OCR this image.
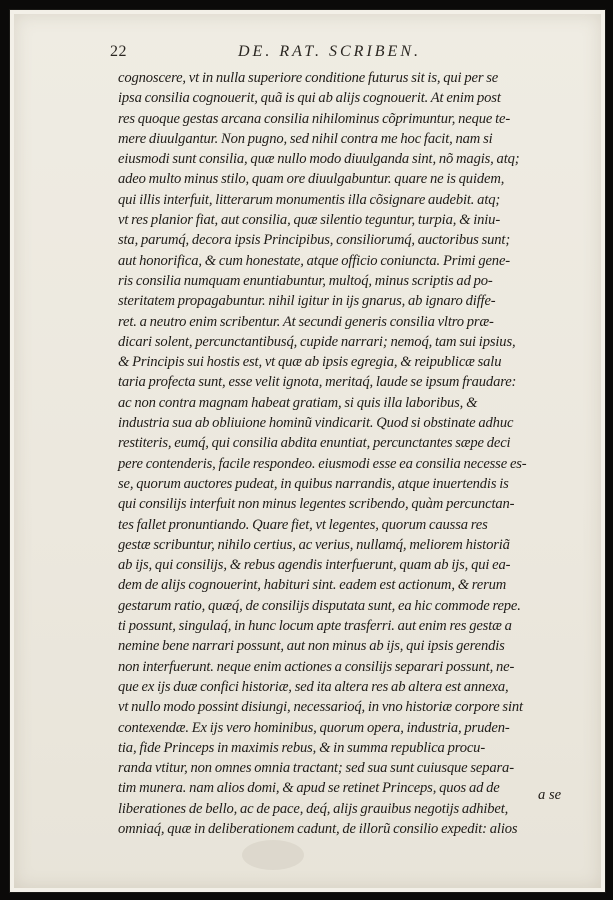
22	DE. RAT. SCRIBEN.
cognoscere, vt in nulla superiore conditione futurus sit is, qui per se
ipsa consilia cognouerit, quã is qui ab alijs cognouerit. At enim post
res quoque gestas arcana consilia nihilominus cõprimuntur, neque te-
mere diuulgantur. Non pugno, sed nihil contra me hoc facit, nam si
eiusmodi sunt consilia, quæ nullo modo diuulganda sint, nõ magis, atq;
adeo multo minus stilo, quam ore diuulgabuntur. quare ne is quidem,
qui illis interfuit, litterarum monumentis illa cõsignare audebit. atq;
vt res planior fiat, aut consilia, quæ silentio teguntur, turpia, & iniu-
sta, parumq́, decora ipsis Principibus, consiliorumq́, auctoribus sunt;
aut honorifica, & cum honestate, atque officio coniuncta. Primi gene-
ris consilia numquam enuntiabuntur, multoq́, minus scriptis ad po-
steritatem propagabuntur. nihil igitur in ijs gnarus, ab ignaro diffe-
ret. a neutro enim scribentur. At secundi generis consilia vltro præ-
dicari solent, percunctantibusq́, cupide narrari; nemoq́, tam sui ipsius,
& Principis sui hostis est, vt quæ ab ipsis egregia, & reipublicæ salu
taria profecta sunt, esse velit ignota, meritaq́, laude se ipsum fraudare:
ac non contra magnam habeat gratiam, si quis illa laboribus, &
industria sua ab obliuione hominũ vindicarit. Quod si obstinate adhuc
restiteris, eumq́, qui consilia abdita enuntiat, percunctantes sæpe deci
pere contenderis, facile respondeo. eiusmodi esse ea consilia necesse es-
se, quorum auctores pudeat, in quibus narrandis, atque inuertendis is
qui consilijs interfuit non minus legentes scribendo, quàm percunctan-
tes fallet pronuntiando. Quare fiet, vt legentes, quorum caussa res
gestæ scribuntur, nihilo certius, ac verius, nullamq́, meliorem historiã
ab ijs, qui consilijs, & rebus agendis interfuerunt, quam ab ijs, qui ea-
dem de alijs cognouerint, habituri sint. eadem est actionum, & rerum
gestarum ratio, quæq́, de consilijs disputata sunt, ea hic commode repe.
ti possunt, singulaq́, in hunc locum apte trasferri. aut enim res gestæ a
nemine bene narrari possunt, aut non minus ab ijs, qui ipsis gerendis
non interfuerunt. neque enim actiones a consilijs separari possunt, ne-
que ex ijs duæ confici historiæ, sed ita altera res ab altera est annexa,
vt nullo modo possint disiungi, necessarioq́, in vno historiæ corpore sint
contexendæ. Ex ijs vero hominibus, quorum opera, industria, pruden-
tia, fide Princeps in maximis rebus, & in summa republica procu-
randa vtitur, non omnes omnia tractant; sed sua sunt cuiusque separa-
tim munera. nam alios domi, & apud se retinet Princeps, quos ad de
liberationes de bello, ac de pace, deq́, alijs grauibus negotijs adhibet,
omniaq́, quæ in deliberationem cadunt, de illorũ consilio expedit: alios
a se
